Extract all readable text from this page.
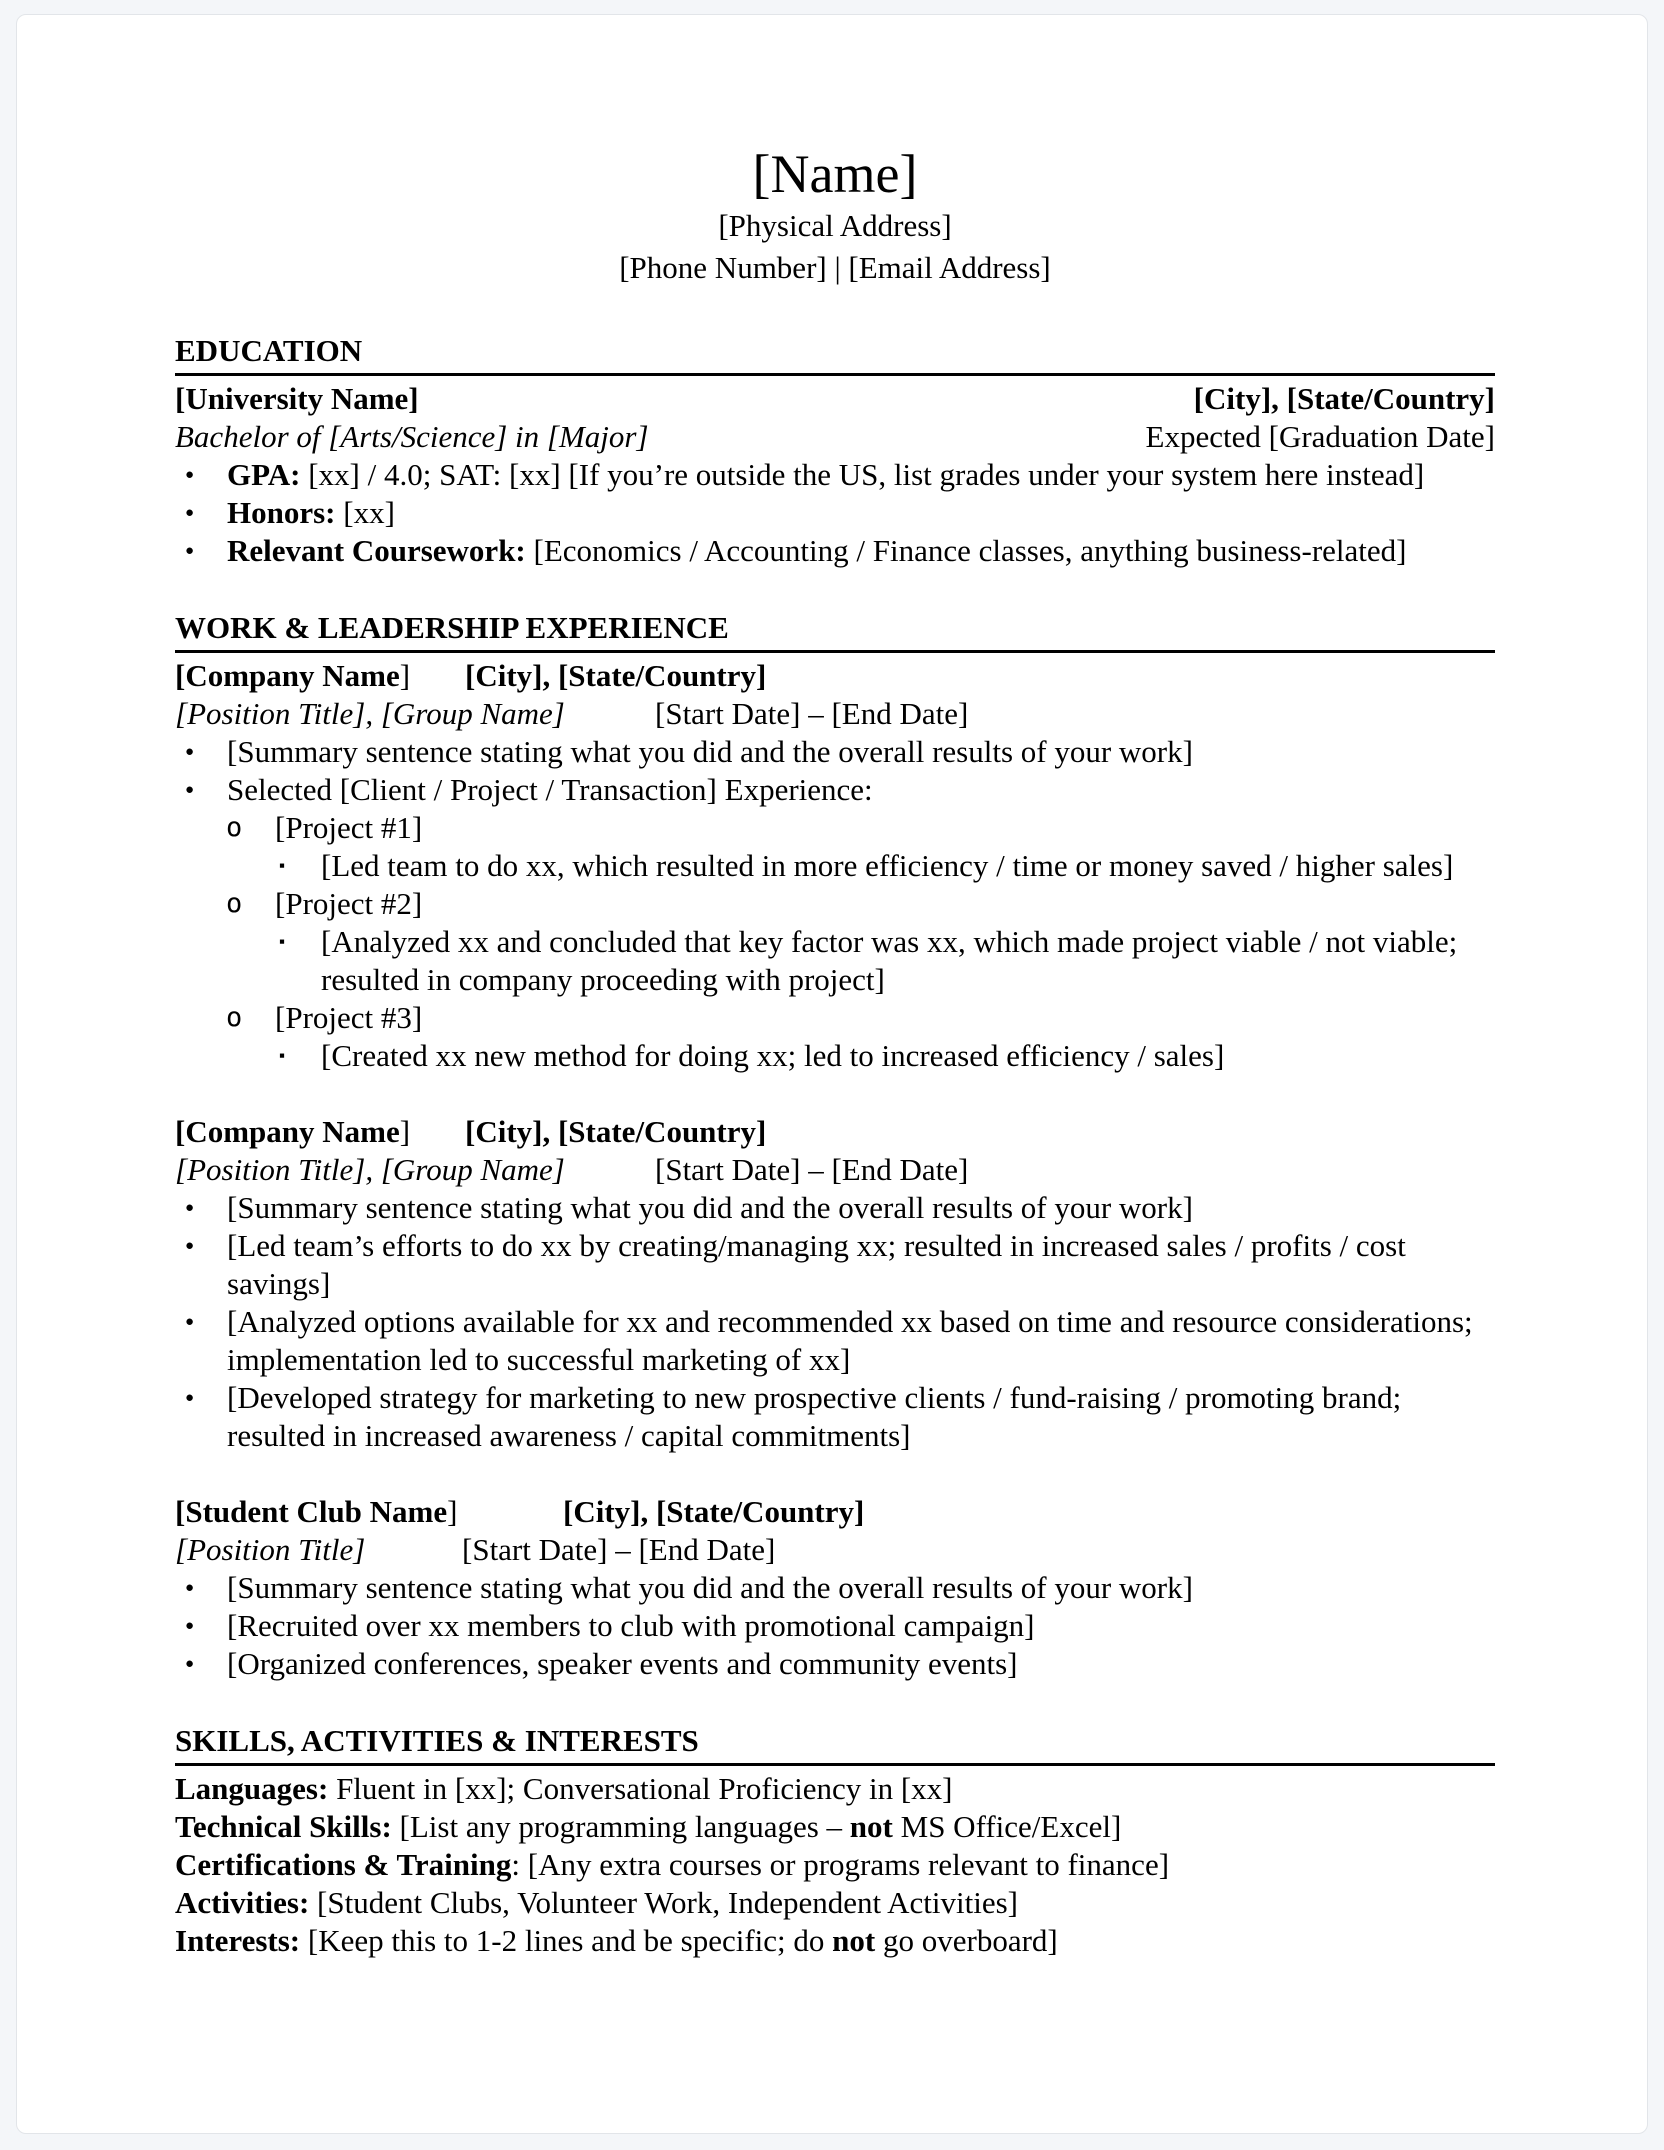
[Name]
[Physical Address]
[Phone Number] | [Email Address]
EDUCATION
[University Name]	[City], [State/Country]
Bachelor of [Arts/Science] in [Major]	Expected [Graduation Date]
●	GPA: [xx] / 4.0; SAT: [xx] [If you’re outside the US, list grades under your system here instead]
●	Honors: [xx]
●	Relevant Coursework: [Economics / Accounting / Finance classes, anything business-related]
WORK & LEADERSHIP EXPERIENCE
[Company Name]	[City], [State/Country]
[Position Title], [Group Name]	[Start Date] – [End Date]
●	[Summary sentence stating what you did and the overall results of your work]
●	Selected [Client / Project / Transaction] Experience:
o	[Project #1]
▪	[Led team to do xx, which resulted in more efficiency / time or money saved / higher sales]
o	[Project #2]
▪	[Analyzed xx and concluded that key factor was xx, which made project viable / not viable; resulted in company proceeding with project]
o	[Project #3]
▪	[Created xx new method for doing xx; led to increased efficiency / sales]
[Company Name]	[City], [State/Country]
[Position Title], [Group Name]	[Start Date] – [End Date]
●	[Summary sentence stating what you did and the overall results of your work]
●	[Led team’s efforts to do xx by creating/managing xx; resulted in increased sales / profits / cost savings]
●	[Analyzed options available for xx and recommended xx based on time and resource considerations; implementation led to successful marketing of xx]
●	[Developed strategy for marketing to new prospective clients / fund-raising / promoting brand; resulted in increased awareness / capital commitments]
[Student Club Name]	[City], [State/Country]
[Position Title]	[Start Date] – [End Date]
●	[Summary sentence stating what you did and the overall results of your work]
●	[Recruited over xx members to club with promotional campaign]
●	[Organized conferences, speaker events and community events]
SKILLS, ACTIVITIES & INTERESTS
Languages: Fluent in [xx]; Conversational Proficiency in [xx]
Technical Skills: [List any programming languages – not MS Office/Excel]
Certifications & Training: [Any extra courses or programs relevant to finance]
Activities: [Student Clubs, Volunteer Work, Independent Activities]
Interests: [Keep this to 1-2 lines and be specific; do not go overboard]
